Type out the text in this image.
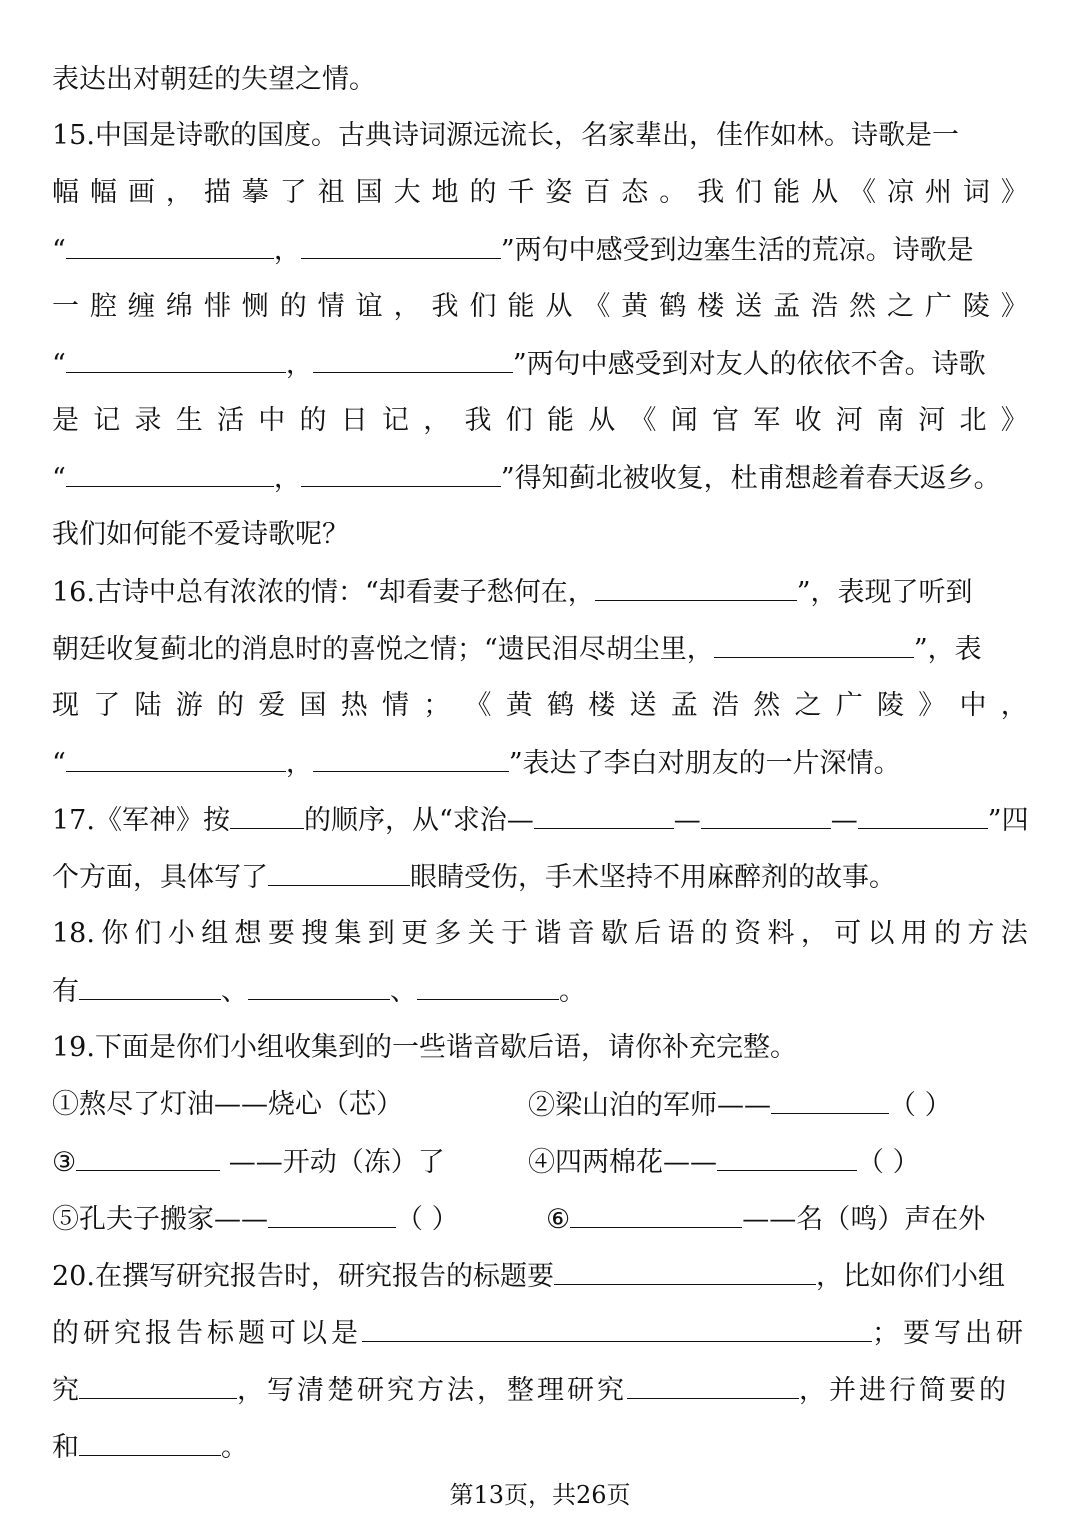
表达出对朝廷的失望之情。
15.中国是诗歌的国度。古典诗词源远流长，名家辈出，佳作如林。诗歌是一
幅 幅 画 ， 描 摹 了 祖 国 大 地 的 千 姿 百 态 。 我 们 能 从 《 凉 州 词 》
“	，	”两句中感受到边塞生活的荒凉。诗歌是
一 腔 缠 绵 悱 恻 的 情 谊 ， 我 们 能 从 《 黄 鹤 楼 送 孟 浩 然 之 广 陵 》
“	，	”两句中感受到对友人的依依不舍。诗歌
是 记 录 生 活 中 的 日 记 ， 我 们 能 从 《 闻 官 军 收 河 南 河 北 》
“	，	”得知蓟北被收复，杜甫想趁着春天返乡。
我们如何能不爱诗歌呢？
16.古诗中总有浓浓的情：“却看妻子愁何在，	”，表现了听到
朝廷收复蓟北的消息时的喜悦之情；“遗民泪尽胡尘里，	”，表
现 了 陆 游 的 爱 国 热 情 ； 《 黄 鹤 楼 送 孟 浩 然 之 广 陵 》 中 ，
“	，	”表达了李白对朋友的一片深情。
17.《军神》按	的顺序，从“求治—	—	—	”四
个方面，具体写了	眼睛受伤，手术坚持不用麻醉剂的故事。
18. 你 们 小 组 想 要 搜 集 到 更 多 关 于 谐 音 歇 后 语 的 资 料 ， 可 以 用 的 方 法
有	、	、	。
19.下面是你们小组收集到的一些谐音歇后语，请你补充完整。
①熬尽了灯油——烧心（芯）	②梁山泊的军师——	（ ）
③	——开动（冻）了	④四两棉花——	（ ）
⑤孔夫子搬家——	（ ）	⑥	——名（鸣）声在外
20.在撰写研究报告时，研究报告的标题要	，比如你们小组
的研究报告标题可以是	；要写出研
究	，写清楚研究方法，整理研究	，并进行简要的
和	。
第13页，共26页
